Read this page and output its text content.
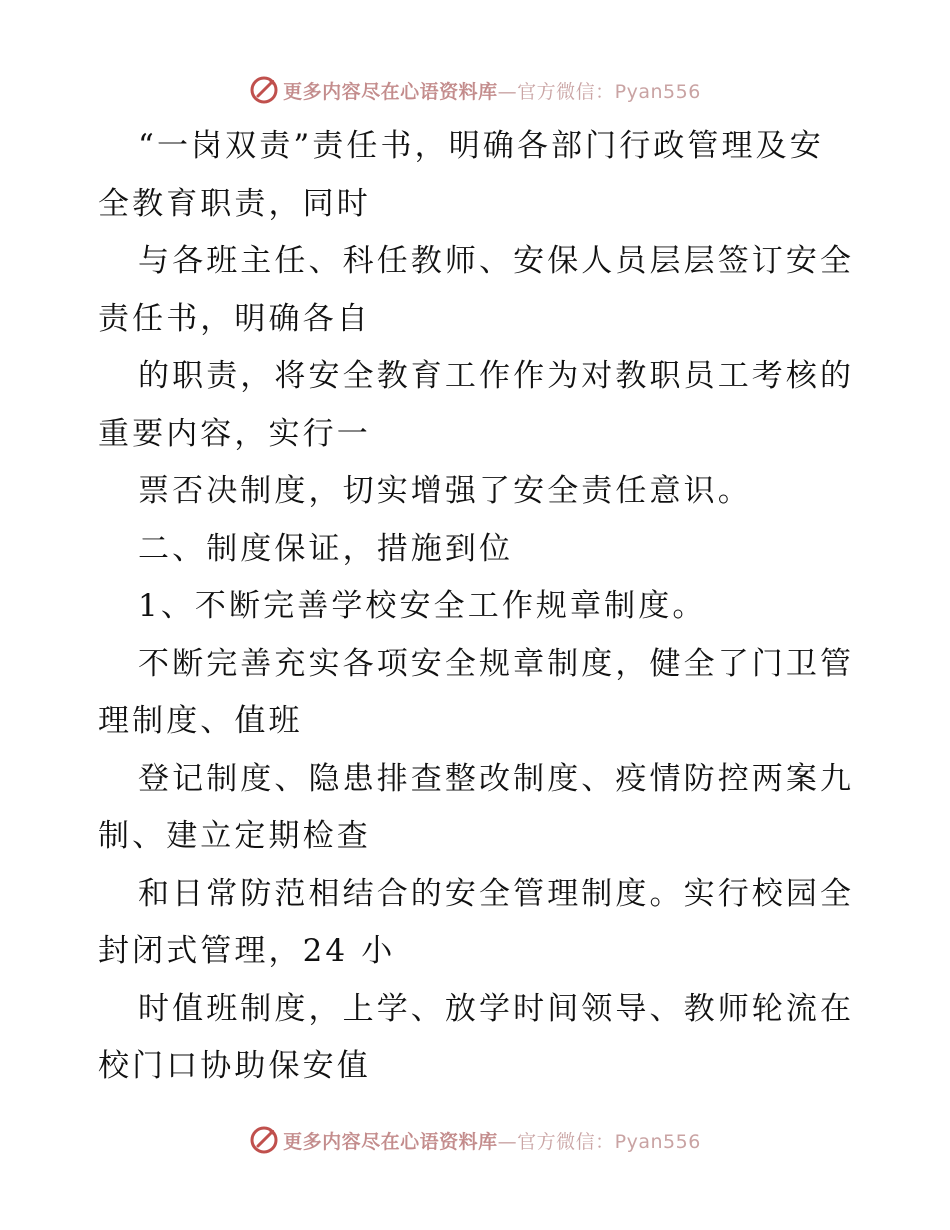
更多内容尽在心语资料库—官方微信：Pyan556
“一岗双责”责任书，明确各部门行政管理及安
全教育职责，同时
与各班主任、科任教师、安保人员层层签订安全
责任书，明确各自
的职责，将安全教育工作作为对教职员工考核的
重要内容，实行一
票否决制度，切实增强了安全责任意识。
二、制度保证，措施到位
1、不断完善学校安全工作规章制度。
不断完善充实各项安全规章制度，健全了门卫管
理制度、值班
登记制度、隐患排查整改制度、疫情防控两案九
制、建立定期检查
和日常防范相结合的安全管理制度。实行校园全
封闭式管理，24 小
时值班制度，上学、放学时间领导、教师轮流在
校门口协助保安值
更多内容尽在心语资料库—官方微信：Pyan556
